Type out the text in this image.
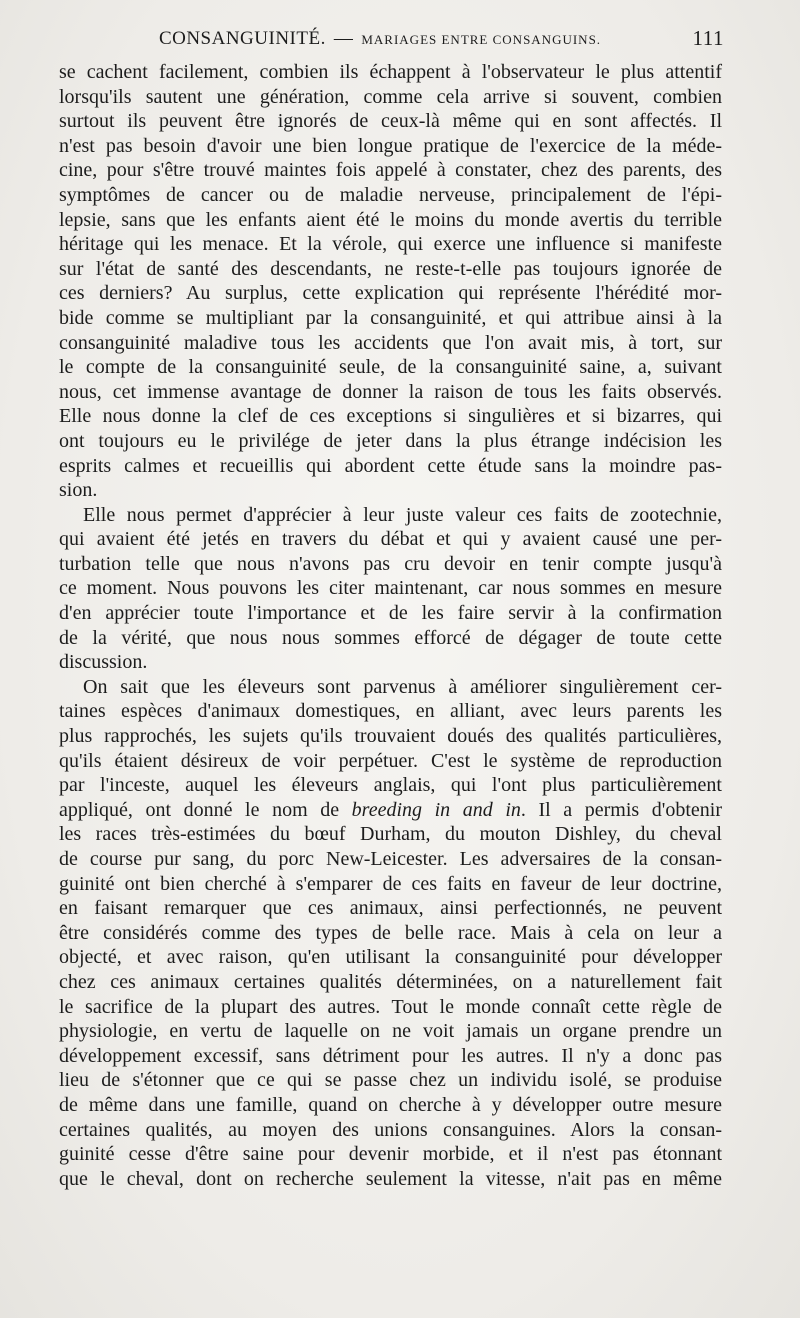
CONSANGUINITÉ. — MARIAGES ENTRE CONSANGUINS.	111

se cachent facilement, combien ils échappent à l'observateur le plus attentif

lorsqu'ils sautent une génération, comme cela arrive si souvent, combien

surtout ils peuvent être ignorés de ceux-là même qui en sont affectés. Il

n'est pas besoin d'avoir une bien longue pratique de l'exercice de la méde-

cine, pour s'être trouvé maintes fois appelé à constater, chez des parents, des

symptômes de cancer ou de maladie nerveuse, principalement de l'épi-

lepsie, sans que les enfants aient été le moins du monde avertis du terrible

héritage qui les menace. Et la vérole, qui exerce une influence si manifeste

sur l'état de santé des descendants, ne reste-t-elle pas toujours ignorée de

ces derniers? Au surplus, cette explication qui représente l'hérédité mor-

bide comme se multipliant par la consanguinité, et qui attribue ainsi à la

consanguinité maladive tous les accidents que l'on avait mis, à tort, sur

le compte de la consanguinité seule, de la consanguinité saine, a, suivant

nous, cet immense avantage de donner la raison de tous les faits observés.

Elle nous donne la clef de ces exceptions si singulières et si bizarres, qui

ont toujours eu le privilége de jeter dans la plus étrange indécision les

esprits calmes et recueillis qui abordent cette étude sans la moindre pas-

sion.

Elle nous permet d'apprécier à leur juste valeur ces faits de zootechnie,

qui avaient été jetés en travers du débat et qui y avaient causé une per-

turbation telle que nous n'avons pas cru devoir en tenir compte jusqu'à

ce moment. Nous pouvons les citer maintenant, car nous sommes en mesure

d'en apprécier toute l'importance et de les faire servir à la confirmation

de la vérité, que nous nous sommes efforcé de dégager de toute cette

discussion.

On sait que les éleveurs sont parvenus à améliorer singulièrement cer-

taines espèces d'animaux domestiques, en alliant, avec leurs parents les

plus rapprochés, les sujets qu'ils trouvaient doués des qualités particulières,

qu'ils étaient désireux de voir perpétuer. C'est le système de reproduction

par l'inceste, auquel les éleveurs anglais, qui l'ont plus particulièrement

appliqué, ont donné le nom de breeding in and in. Il a permis d'obtenir

les races très-estimées du bœuf Durham, du mouton Dishley, du cheval

de course pur sang, du porc New-Leicester. Les adversaires de la consan-

guinité ont bien cherché à s'emparer de ces faits en faveur de leur doctrine,

en faisant remarquer que ces animaux, ainsi perfectionnés, ne peuvent

être considérés comme des types de belle race. Mais à cela on leur a

objecté, et avec raison, qu'en utilisant la consanguinité pour développer

chez ces animaux certaines qualités déterminées, on a naturellement fait

le sacrifice de la plupart des autres. Tout le monde connaît cette règle de

physiologie, en vertu de laquelle on ne voit jamais un organe prendre un

développement excessif, sans détriment pour les autres. Il n'y a donc pas

lieu de s'étonner que ce qui se passe chez un individu isolé, se produise

de même dans une famille, quand on cherche à y développer outre mesure

certaines qualités, au moyen des unions consanguines. Alors la consan-

guinité cesse d'être saine pour devenir morbide, et il n'est pas étonnant

que le cheval, dont on recherche seulement la vitesse, n'ait pas en même
